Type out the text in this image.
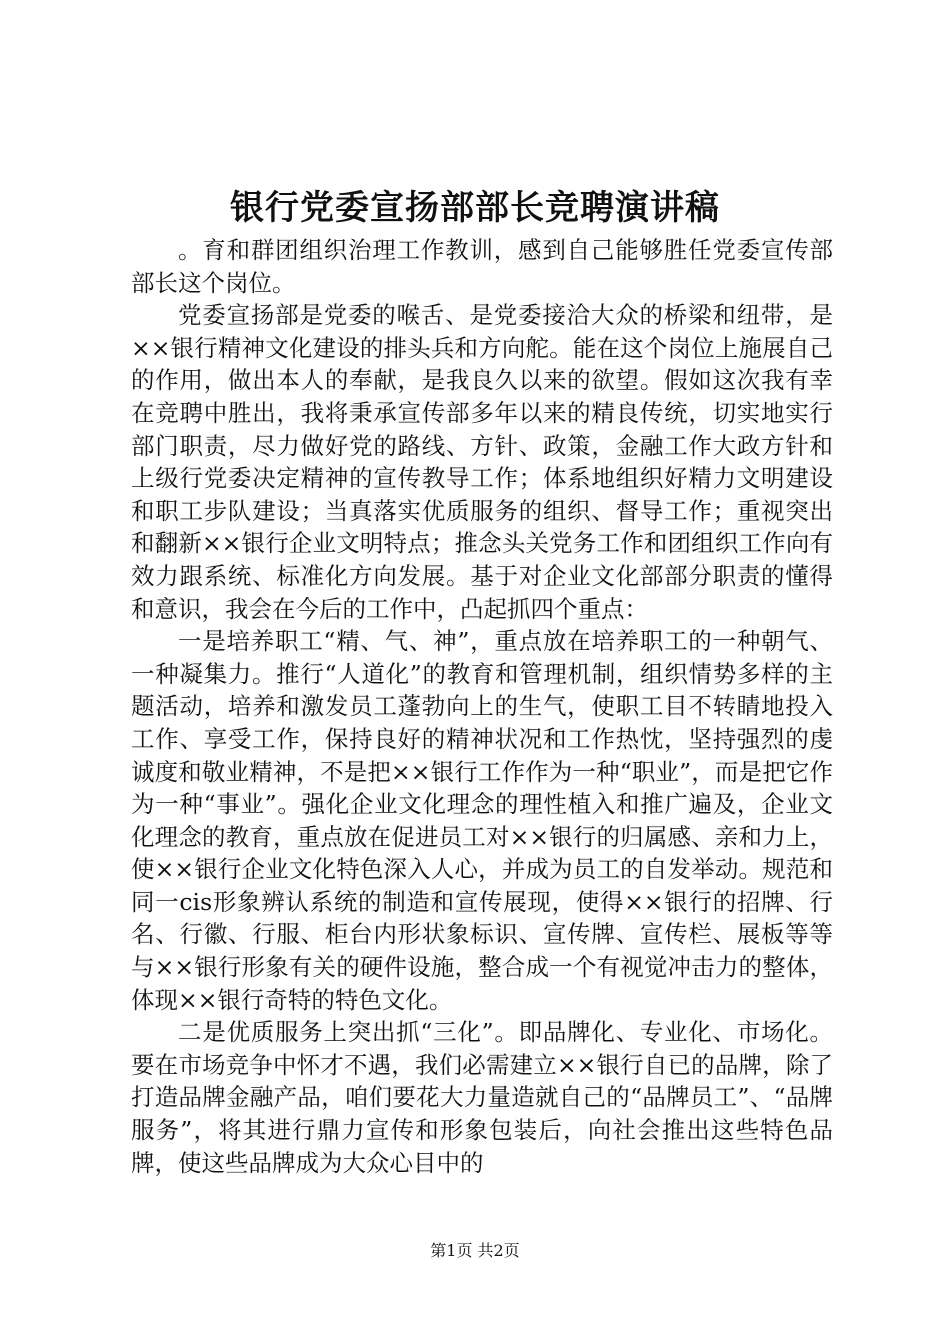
银行党委宣扬部部长竞聘演讲稿

。育和群团组织治理工作教训，感到自己能够胜任党委宣传部部长这个岗位。

党委宣扬部是党委的喉舌、是党委接洽大众的桥梁和纽带，是××银行精神文化建设的排头兵和方向舵。能在这个岗位上施展自己的作用，做出本人的奉献，是我良久以来的欲望。假如这次我有幸在竞聘中胜出，我将秉承宣传部多年以来的精良传统，切实地实行部门职责，尽力做好党的路线、方针、政策，金融工作大政方针和上级行党委决定精神的宣传教导工作；体系地组织好精力文明建设和职工步队建设；当真落实优质服务的组织、督导工作；重视突出和翻新××银行企业文明特点；推念头关党务工作和团组织工作向有效力跟系统、标准化方向发展。基于对企业文化部部分职责的懂得和意识，我会在今后的工作中，凸起抓四个重点：

一是培养职工“精、气、神”，重点放在培养职工的一种朝气、一种凝集力。推行“人道化”的教育和管理机制，组织情势多样的主题活动，培养和激发员工蓬勃向上的生气，使职工目不转睛地投入工作、享受工作，保持良好的精神状况和工作热忱，坚持强烈的虔诚度和敬业精神，不是把××银行工作作为一种“职业”，而是把它作为一种“事业”。强化企业文化理念的理性植入和推广遍及，企业文化理念的教育，重点放在促进员工对××银行的归属感、亲和力上，使××银行企业文化特色深入人心，并成为员工的自发举动。规范和同一cis形象辨认系统的制造和宣传展现，使得××银行的招牌、行名、行徽、行服、柜台内形状象标识、宣传牌、宣传栏、展板等等与××银行形象有关的硬件设施，整合成一个有视觉冲击力的整体，体现××银行奇特的特色文化。

二是优质服务上突出抓“三化”。即品牌化、专业化、市场化。要在市场竞争中怀才不遇，我们必需建立××银行自已的品牌，除了打造品牌金融产品，咱们要花大力量造就自己的“品牌员工”、“品牌服务”，将其进行鼎力宣传和形象包装后，向社会推出这些特色品牌，使这些品牌成为大众心目中的

第1页 共2页
